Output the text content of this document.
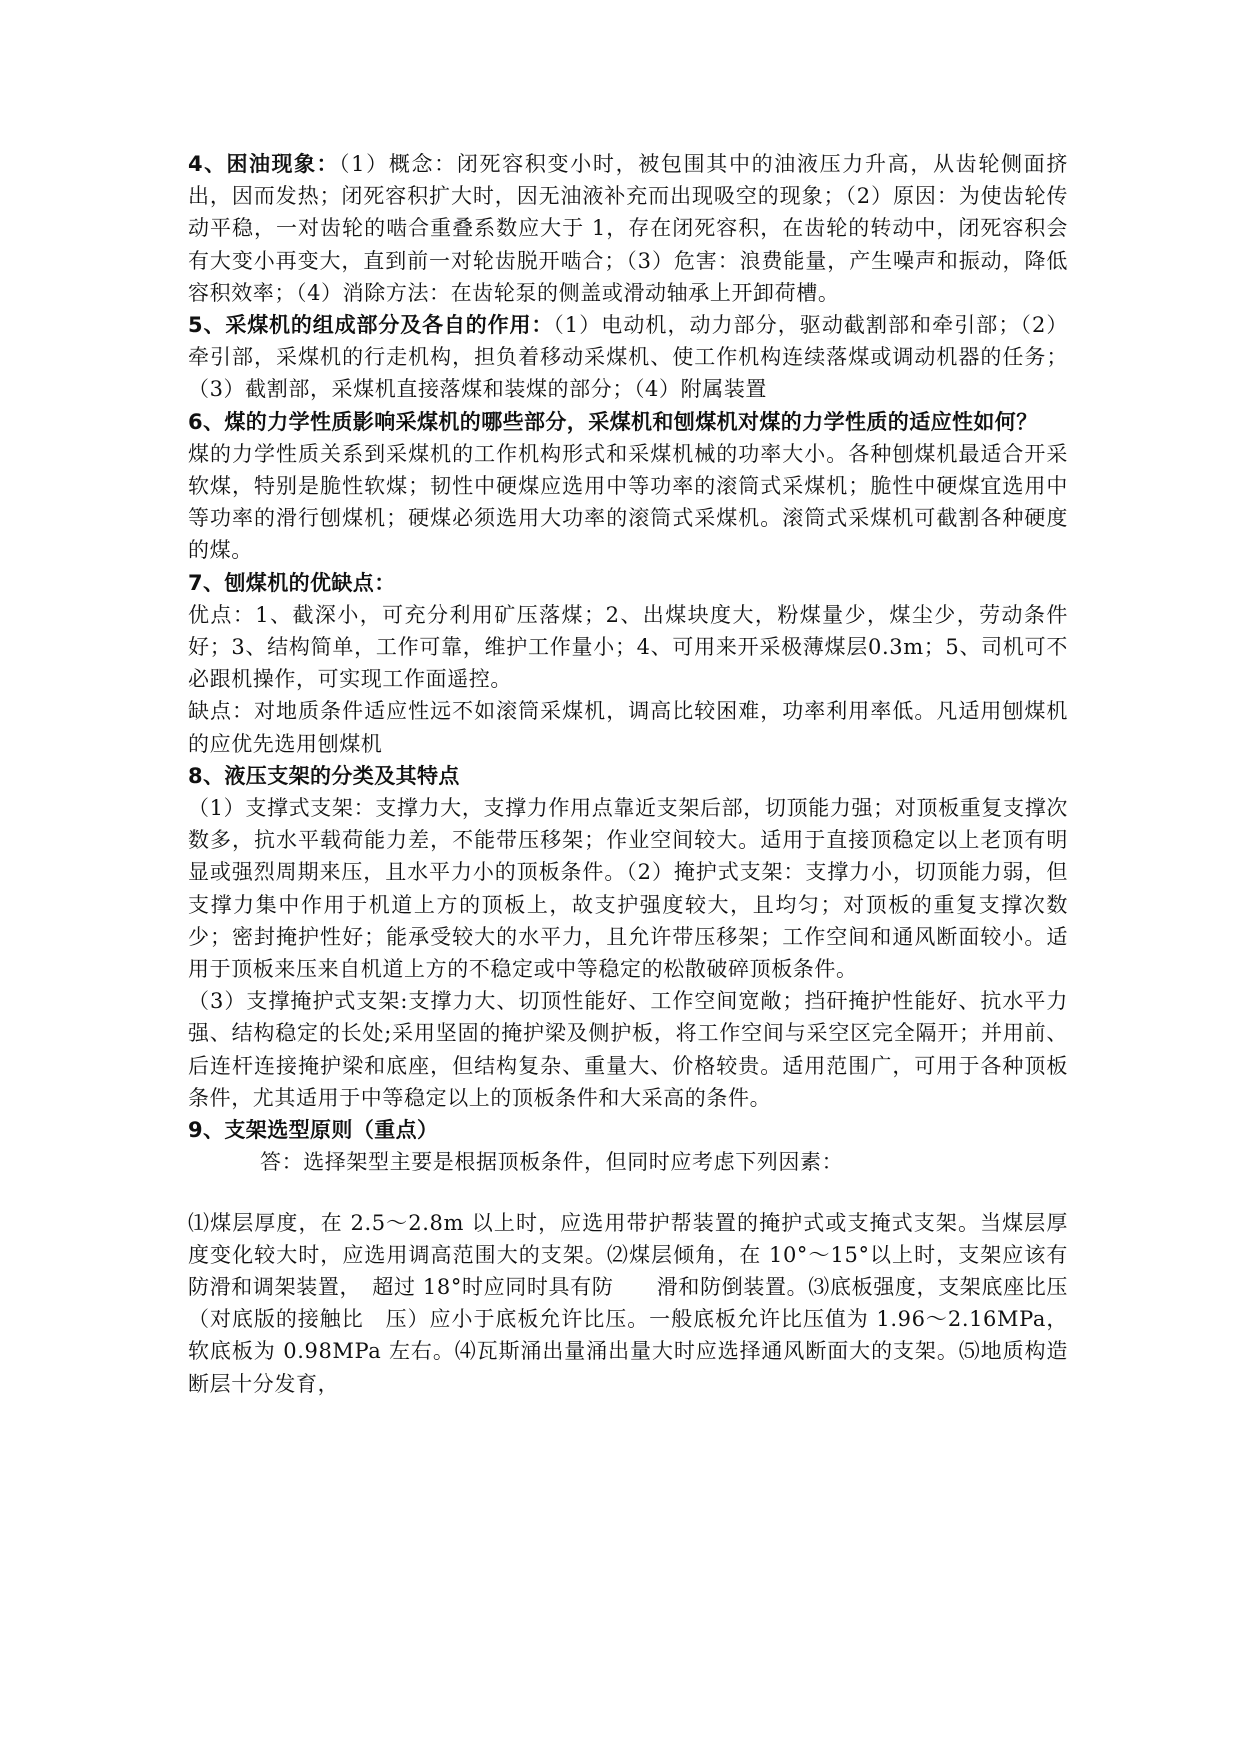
4、困油现象：（1）概念：闭死容积变小时，被包围其中的油液压力升高，从齿轮侧面挤出，因而发热；闭死容积扩大时，因无油液补充而出现吸空的现象；（2）原因：为使齿轮传动平稳，一对齿轮的啮合重叠系数应大于 1，存在闭死容积，在齿轮的转动中，闭死容积会有大变小再变大，直到前一对轮齿脱开啮合；（3）危害：浪费能量，产生噪声和振动，降低容积效率；（4）消除方法：在齿轮泵的侧盖或滑动轴承上开卸荷槽。

5、采煤机的组成部分及各自的作用：（1）电动机，动力部分，驱动截割部和牵引部；（2）牵引部，采煤机的行走机构，担负着移动采煤机、使工作机构连续落煤或调动机器的任务；（3）截割部，采煤机直接落煤和装煤的部分；（4）附属装置

6、煤的力学性质影响采煤机的哪些部分，采煤机和刨煤机对煤的力学性质的适应性如何？

煤的力学性质关系到采煤机的工作机构形式和采煤机械的功率大小。各种刨煤机最适合开采软煤，特别是脆性软煤；韧性中硬煤应选用中等功率的滚筒式采煤机；脆性中硬煤宜选用中等功率的滑行刨煤机；硬煤必须选用大功率的滚筒式采煤机。滚筒式采煤机可截割各种硬度的煤。

7、刨煤机的优缺点：

优点：1、截深小，可充分利用矿压落煤；2、出煤块度大，粉煤量少，煤尘少，劳动条件好；3、结构简单，工作可靠，维护工作量小；4、可用来开采极薄煤层0.3m；5、司机可不必跟机操作，可实现工作面遥控。

缺点：对地质条件适应性远不如滚筒采煤机，调高比较困难，功率利用率低。凡适用刨煤机的应优先选用刨煤机

8、液压支架的分类及其特点

（1）支撑式支架：支撑力大，支撑力作用点靠近支架后部，切顶能力强；对顶板重复支撑次数多，抗水平载荷能力差，不能带压移架；作业空间较大。适用于直接顶稳定以上老顶有明显或强烈周期来压，且水平力小的顶板条件。（2）掩护式支架：支撑力小，切顶能力弱，但支撑力集中作用于机道上方的顶板上，故支护强度较大，且均匀；对顶板的重复支撑次数少；密封掩护性好；能承受较大的水平力，且允许带压移架；工作空间和通风断面较小。适用于顶板来压来自机道上方的不稳定或中等稳定的松散破碎顶板条件。

（3）支撑掩护式支架:支撑力大、切顶性能好、工作空间宽敞；挡矸掩护性能好、抗水平力强、结构稳定的长处;采用坚固的掩护梁及侧护板，将工作空间与采空区完全隔开；并用前、后连杆连接掩护梁和底座，但结构复杂、重量大、价格较贵。适用范围广，可用于各种顶板条件，尤其适用于中等稳定以上的顶板条件和大采高的条件。

9、支架选型原则（重点）

答：选择架型主要是根据顶板条件，但同时应考虑下列因素：

⑴煤层厚度，在 2.5～2.8m 以上时，应选用带护帮装置的掩护式或支掩式支架。当煤层厚度变化较大时，应选用调高范围大的支架。⑵煤层倾角，在 10°～15°以上时，支架应该有防滑和调架装置，　超过 18°时应同时具有防　　滑和防倒装置。⑶底板强度，支架底座比压（对底版的接触比　压）应小于底板允许比压。一般底板允许比压值为 1.96～2.16MPa，软底板为 0.98MPa 左右。⑷瓦斯涌出量涌出量大时应选择通风断面大的支架。⑸地质构造断层十分发育，
